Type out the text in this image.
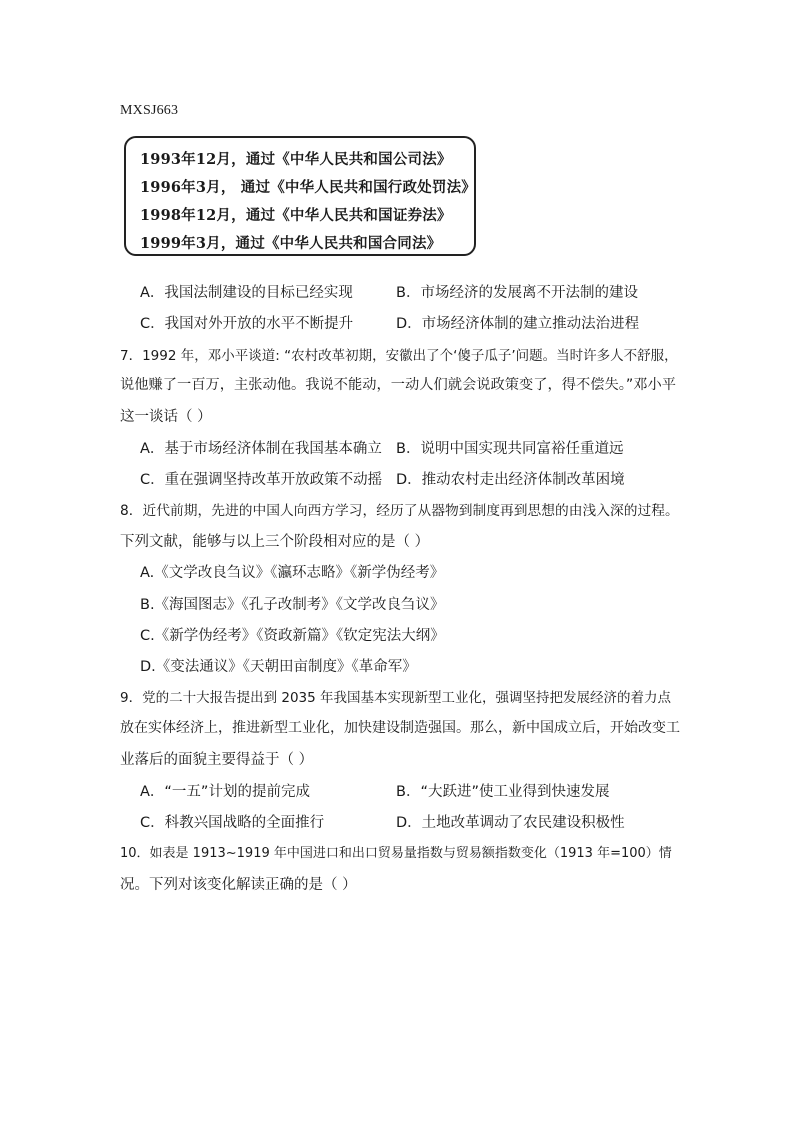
MXSJ663
1993年12月，通过《中华人民共和国公司法》
1996年3月， 通过《中华人民共和国行政处罚法》
1998年12月，通过《中华人民共和国证券法》
1999年3月，通过《中华人民共和国合同法》
A．我国法制建设的目标已经实现	B．市场经济的发展离不开法制的建设
C．我国对外开放的水平不断提升	D．市场经济体制的建立推动法治进程
7．1992 年，邓小平谈道: “农村改革初期，安徽出了个‘傻子瓜子’问题。当时许多人不舒服，
说他赚了一百万，主张动他。我说不能动，一动人们就会说政策变了，得不偿失。”邓小平
这一谈话（ ）
A．基于市场经济体制在我国基本确立 B．说明中国实现共同富裕任重道远
C．重在强调坚持改革开放政策不动摇 D．推动农村走出经济体制改革困境
8．近代前期，先进的中国人向西方学习，经历了从器物到制度再到思想的由浅入深的过程。
下列文献，能够与以上三个阶段相对应的是（ ）
A.《文学改良刍议》《瀛环志略》《新学伪经考》
B.《海国图志》《孔子改制考》《文学改良刍议》
C.《新学伪经考》《资政新篇》《钦定宪法大纲》
D.《变法通议》《天朝田亩制度》《革命军》
9．党的二十大报告提出到 2035 年我国基本实现新型工业化，强调坚持把发展经济的着力点
放在实体经济上，推进新型工业化，加快建设制造强国。那么，新中国成立后，开始改变工
业落后的面貌主要得益于（ ）
A．“一五”计划的提前完成	B．“大跃进”使工业得到快速发展
C．科教兴国战略的全面推行	D．土地改革调动了农民建设积极性
10．如表是 1913~1919 年中国进口和出口贸易量指数与贸易额指数变化（1913 年=100）情
况。下列对该变化解读正确的是（ ）
